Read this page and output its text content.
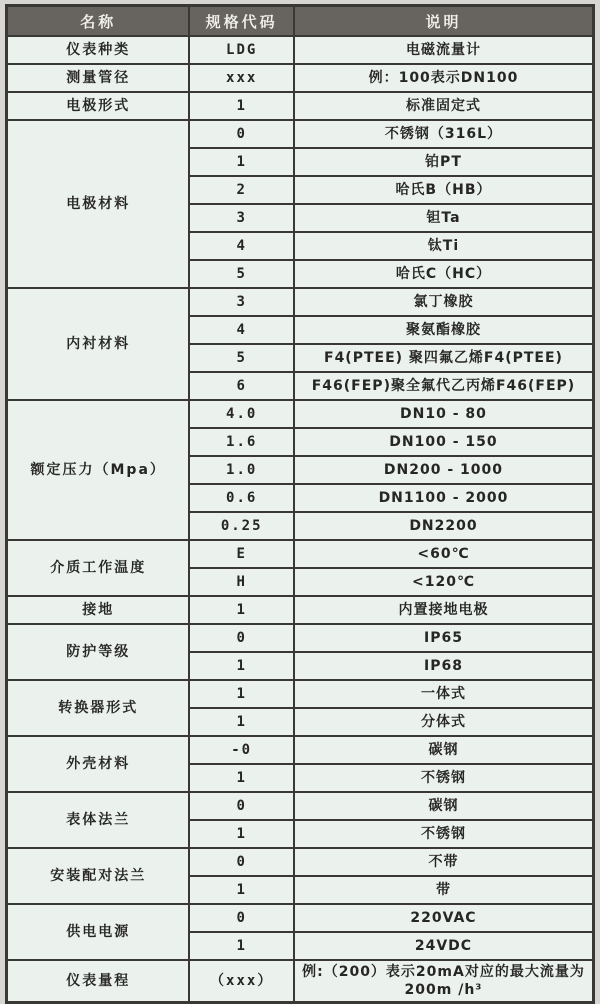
名称	规格代码	说明
仪表种类	LDG	电磁流量计
测量管径	xxx	例：100表示DN100
电极形式	1	标准固定式
电极材料	0	不锈钢（316L）
	1	铂PT
	2	哈氏B（HB）
	3	钽Ta
	4	钛Ti
	5	哈氏C（HC）
内衬材料	3	氯丁橡胶
	4	聚氨酯橡胶
	5	F4(PTEE) 聚四氟乙烯F4(PTEE)
	6	F46(FEP)聚全氟代乙丙烯F46(FEP)
额定压力（Mpa）	4.0	DN10 - 80
	1.6	DN100 - 150
	1.0	DN200 - 1000
	0.6	DN1100 - 2000
	0.25	DN2200
介质工作温度	E	<60℃
	H	<120℃
接地	1	内置接地电极
防护等级	0	IP65
	1	IP68
转换器形式	1	一体式
	1	分体式
外壳材料	-0	碳钢
	1	不锈钢
表体法兰	0	碳钢
	1	不锈钢
安装配对法兰	0	不带
	1	带
供电电源	0	220VAC
	1	24VDC
仪表量程	（xxx）	例:（200）表示20mA对应的最大流量为200m /h³
